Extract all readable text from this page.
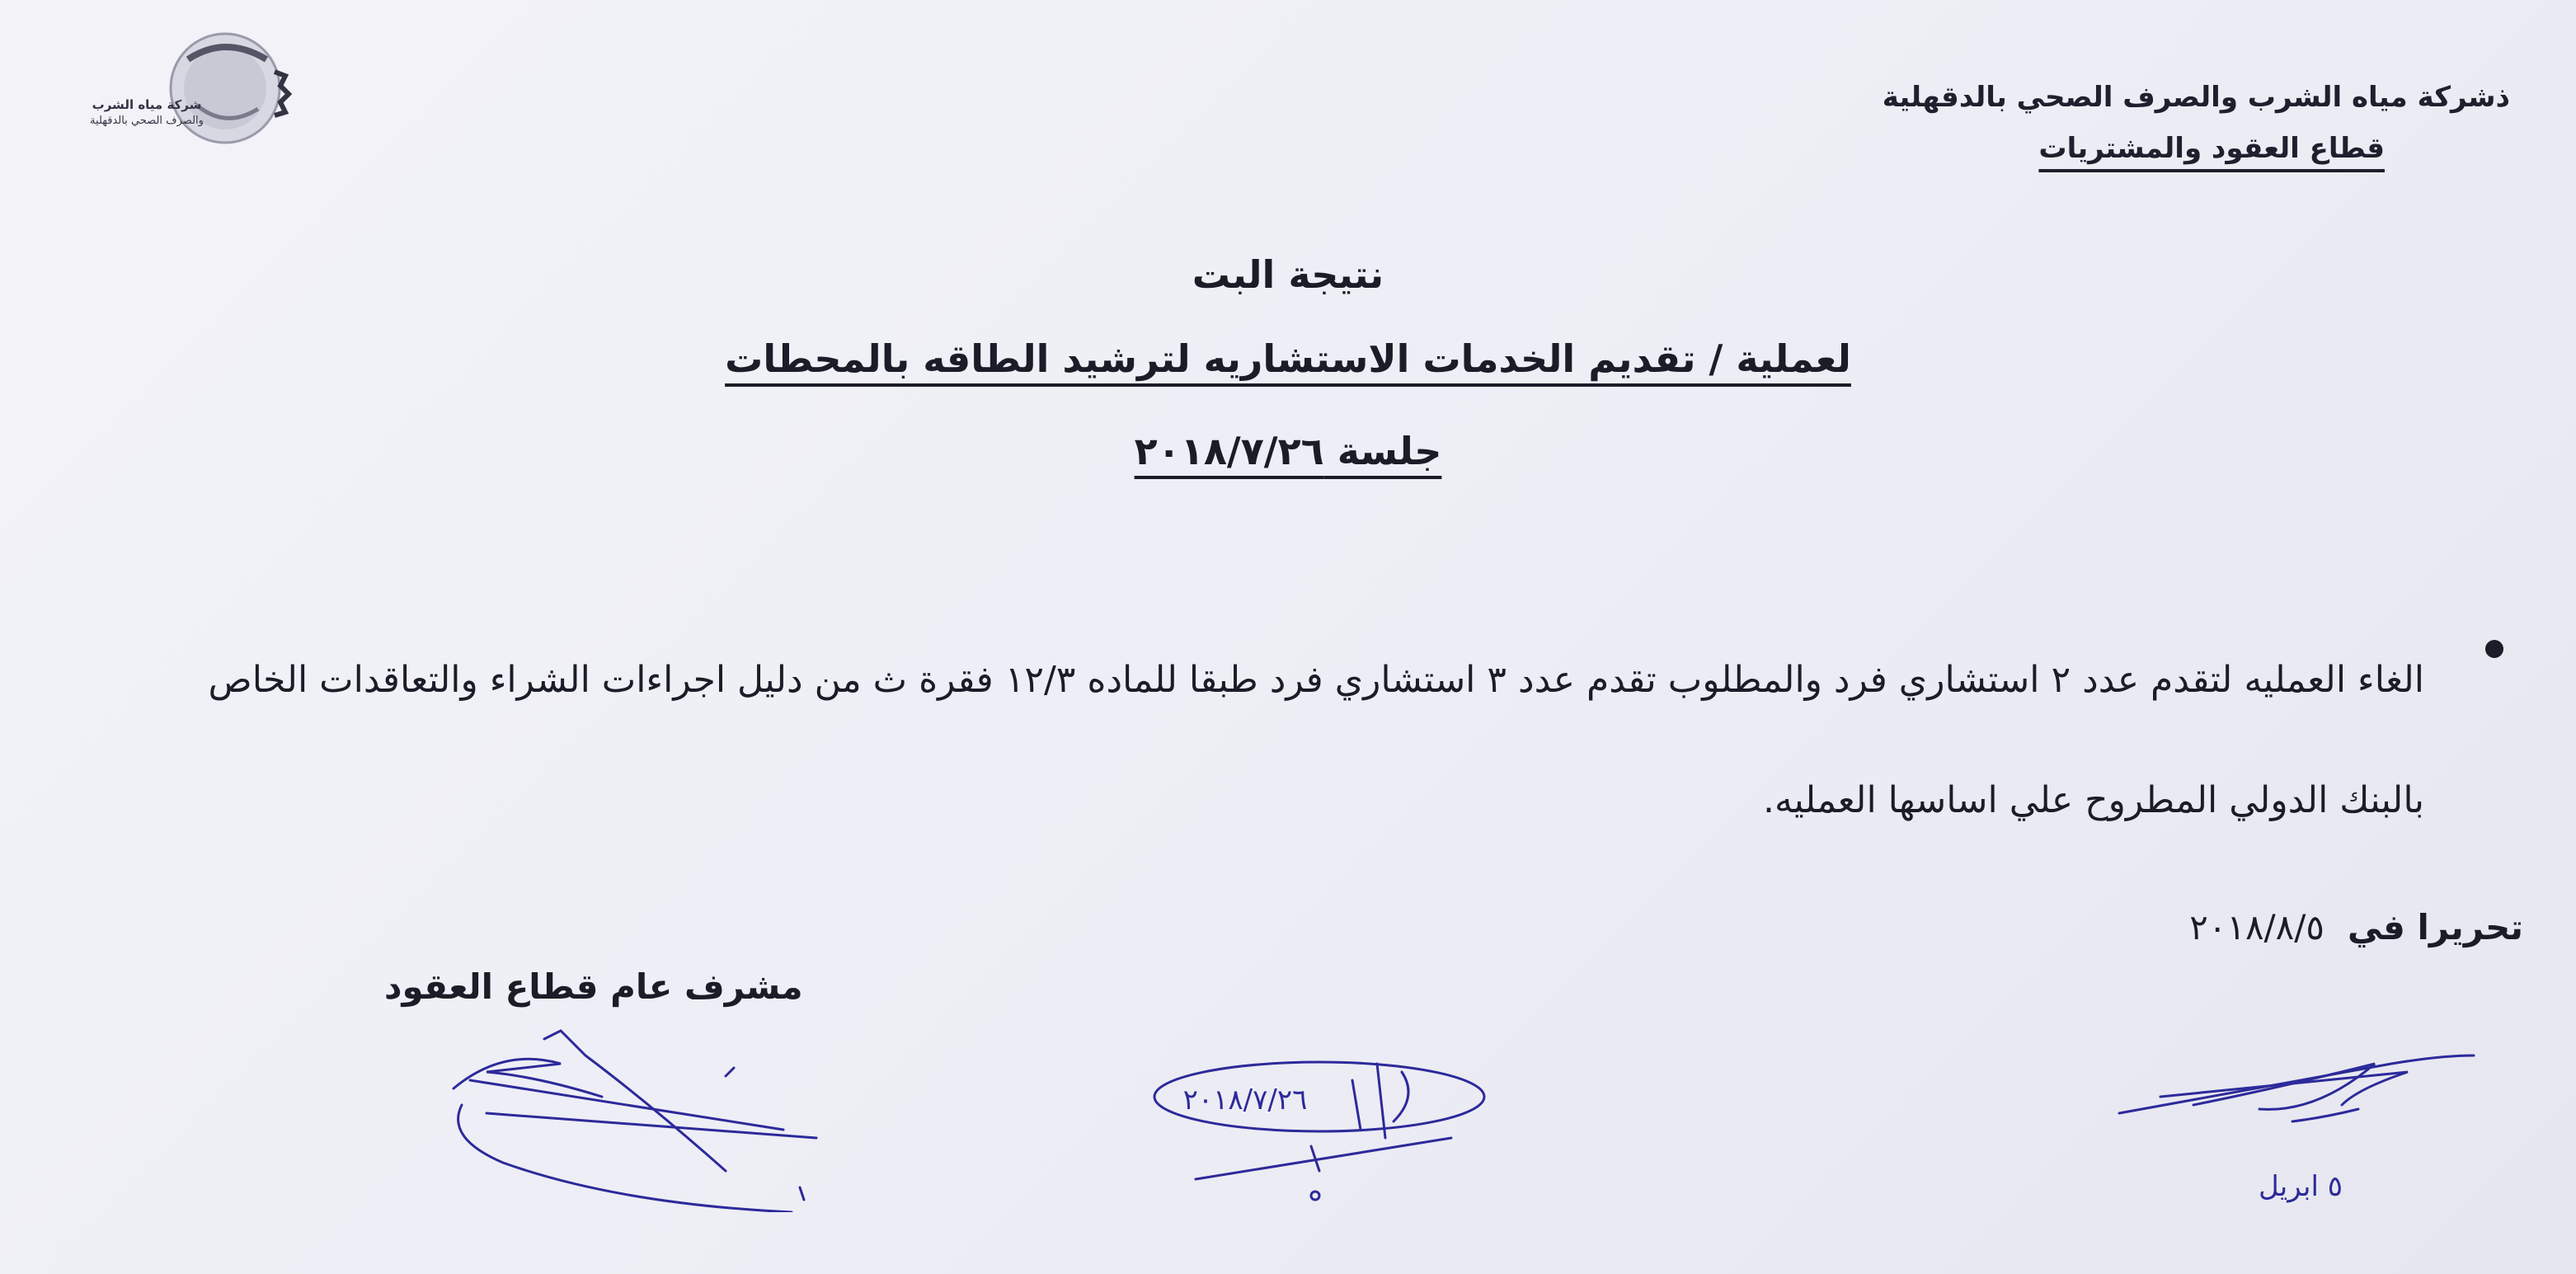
ذشركة مياه الشرب والصرف الصحي بالدقهلية
قطاع العقود والمشتريات
شركة مياه الشرب
والصرف الصحي بالدقهلية
نتيجة البت
لعملية / تقديم الخدمات الاستشاريه لترشيد الطاقه بالمحطات
جلسة ٢٠١٨/٧/٢٦
الغاء العمليه لتقدم عدد ٢ استشاري فرد والمطلوب تقدم عدد ٣ استشاري فرد طبقا للماده ١٢/٣ فقرة ث من دليل اجراءات الشراء والتعاقدات الخاص
بالبنك الدولي المطروح علي اساسها العمليه.
تحريرا في٢٠١٨/٨/٥
مشرف عام قطاع العقود
٢٠١٨/٧/٢٦
٥ ابريل
